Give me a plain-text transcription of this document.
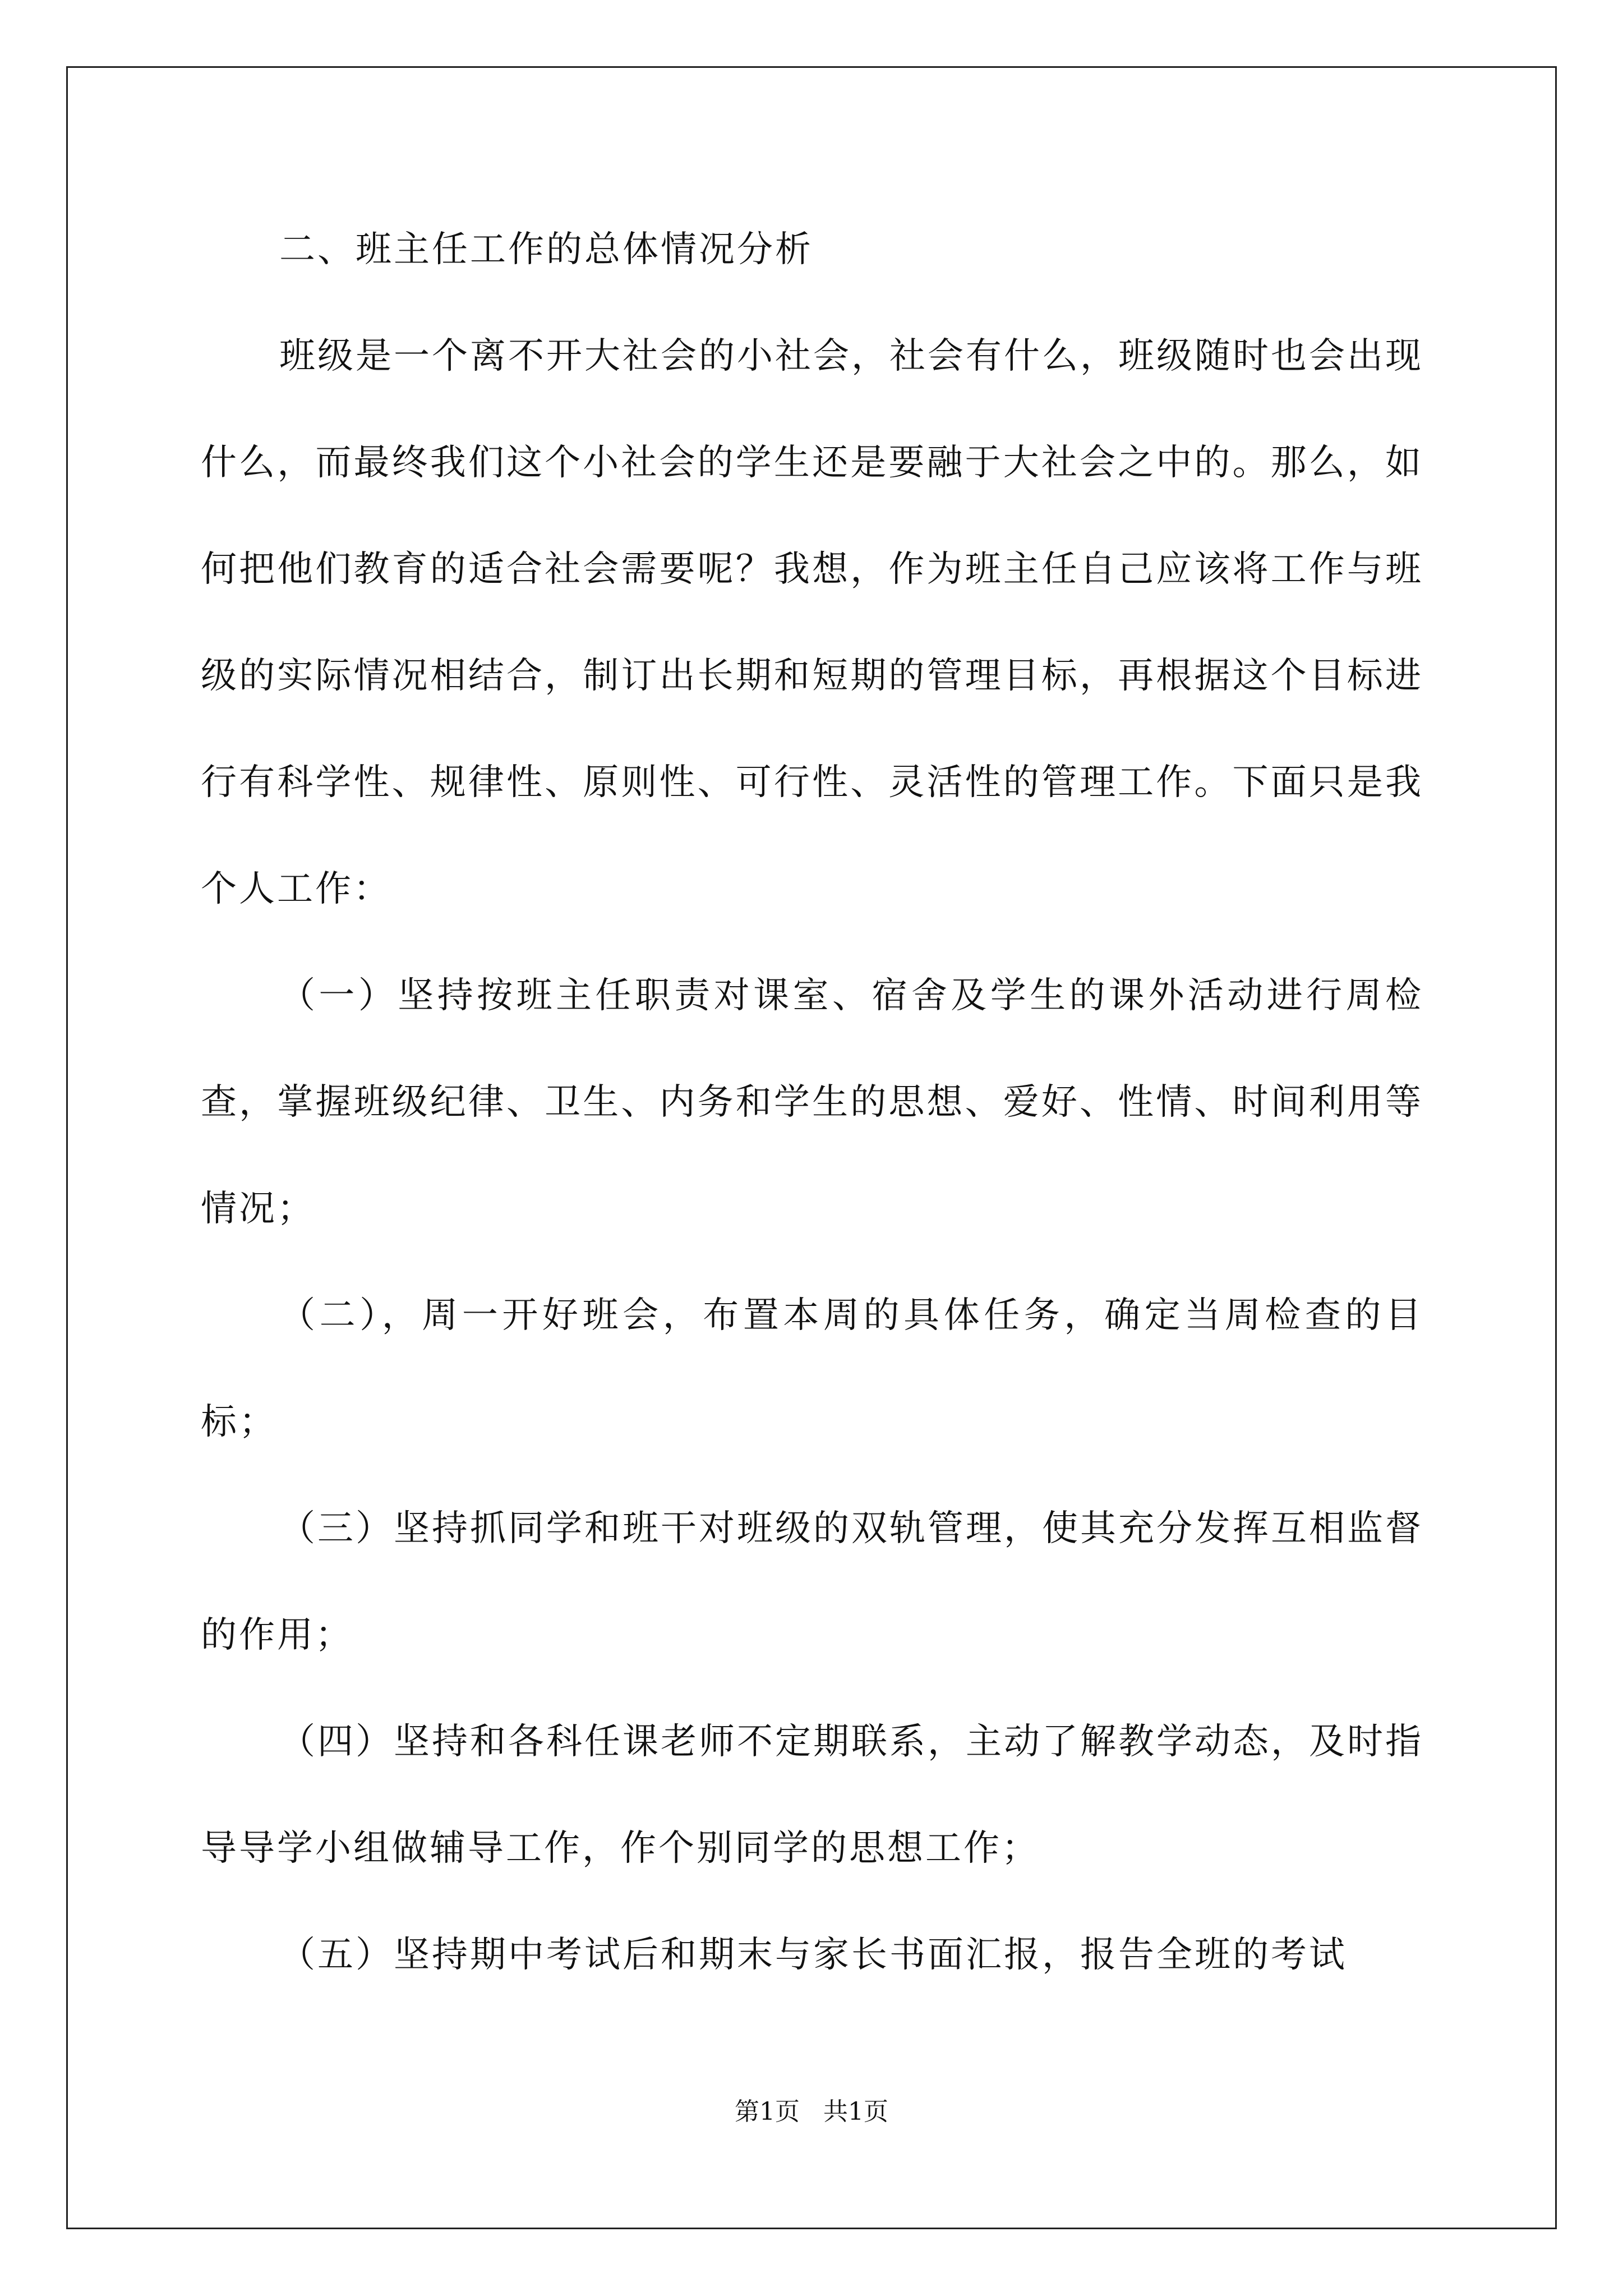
二、班主任工作的总体情况分析

班级是一个离不开大社会的小社会，社会有什么，班级随时也会出现什么，而最终我们这个小社会的学生还是要融于大社会之中的。那么，如何把他们教育的适合社会需要呢？我想，作为班主任自己应该将工作与班级的实际情况相结合，制订出长期和短期的管理目标，再根据这个目标进行有科学性、规律性、原则性、可行性、灵活性的管理工作。下面只是我个人工作：

（一）坚持按班主任职责对课室、宿舍及学生的课外活动进行周检查，掌握班级纪律、卫生、内务和学生的思想、爱好、性情、时间利用等情况；

（二），周一开好班会，布置本周的具体任务，确定当周检查的目标；

（三）坚持抓同学和班干对班级的双轨管理，使其充分发挥互相监督的作用；

（四）坚持和各科任课老师不定期联系，主动了解教学动态，及时指导导学小组做辅导工作，作个别同学的思想工作；

（五）坚持期中考试后和期末与家长书面汇报，报告全班的考试

第1页 共1页
